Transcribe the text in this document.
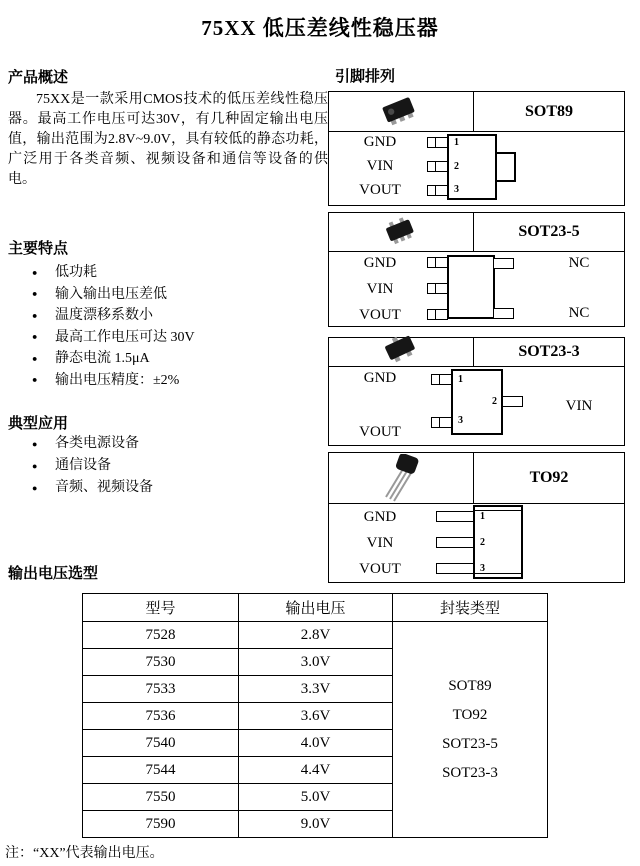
75XX 低压差线性稳压器
产品概述

75XX是一款采用CMOS技术的低压差线性稳压器。最高工作电压可达30V，有几种固定输出电压值，输出范围为2.8V~9.0V，具有较低的静态功耗，广泛用于各类音频、视频设备和通信等设备的供电。

主要特点
● 低功耗
● 输入输出电压差低
● 温度漂移系数小
● 最高工作电压可达 30V
● 静态电流 1.5μA
● 输出电压精度：±2%
典型应用
● 各类电源设备
● 通信设备
● 音频、视频设备
输出电压选型
引脚排列
SOT89
GND
VIN
VOUT
1
2
3
SOT23-5
GND
VIN
VOUT
NC
NC
SOT23-3
GND
VOUT
VIN
1
3
2
TO92
GND
VIN
VOUT
1
2
3
型号	输出电压	封装类型
7528	2.8V	SOT89
TO92
SOT23-5
SOT23-3

7530	3.0V	
7533	3.3V	
7536	3.6V	
7540	4.0V	
7544	4.4V	
7550	5.0V	
7590	9.0V	
注：“XX”代表输出电压。
